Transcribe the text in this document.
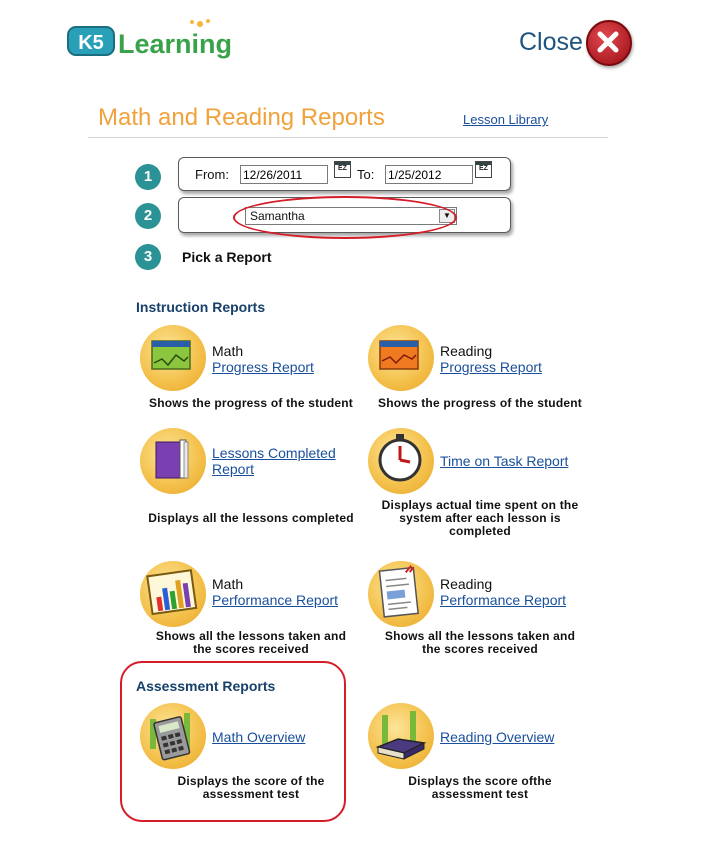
K5 Learning	Close
Math and Reading Reports	Lesson Library
1	From:
12/26/2011	EZ To:
1/25/2012	EZ
2	Samantha	▼
3	Pick a Report
Instruction Reports
Math
Progress Report
Shows the progress of the student
Reading
Progress Report
Shows the progress of the student
Lessons Completed
Report
Displays all the lessons completed
Time on Task Report
Displays actual time spent on the
system after each lesson is
completed
Math
Performance Report
Shows all the lessons taken and
the scores received
Reading
Performance Report
Shows all the lessons taken and
the scores received
Assessment Reports
Math Overview
Displays the score of the
assessment test
Reading Overview
Displays the score ofthe
assessment test
